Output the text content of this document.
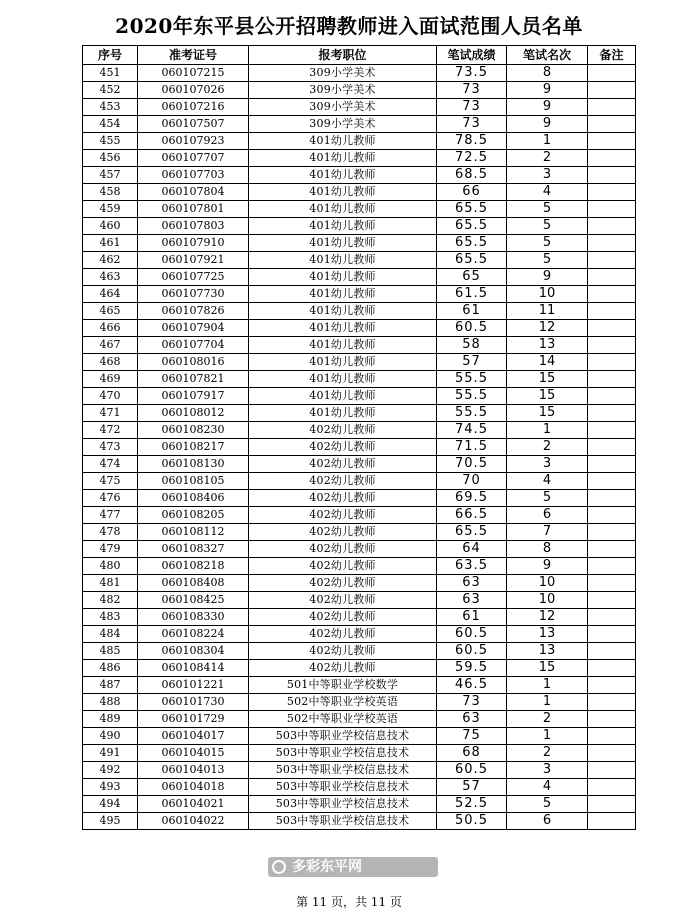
2020年东平县公开招聘教师进入面试范围人员名单
序号	准考证号	报考职位	笔试成绩	笔试名次	备注
451	060107215	309小学美术	73.5	8	
452	060107026	309小学美术	73	9	
453	060107216	309小学美术	73	9	
454	060107507	309小学美术	73	9	
455	060107923	401幼儿教师	78.5	1	
456	060107707	401幼儿教师	72.5	2	
457	060107703	401幼儿教师	68.5	3	
458	060107804	401幼儿教师	66	4	
459	060107801	401幼儿教师	65.5	5	
460	060107803	401幼儿教师	65.5	5	
461	060107910	401幼儿教师	65.5	5	
462	060107921	401幼儿教师	65.5	5	
463	060107725	401幼儿教师	65	9	
464	060107730	401幼儿教师	61.5	10	
465	060107826	401幼儿教师	61	11	
466	060107904	401幼儿教师	60.5	12	
467	060107704	401幼儿教师	58	13	
468	060108016	401幼儿教师	57	14	
469	060107821	401幼儿教师	55.5	15	
470	060107917	401幼儿教师	55.5	15	
471	060108012	401幼儿教师	55.5	15	
472	060108230	402幼儿教师	74.5	1	
473	060108217	402幼儿教师	71.5	2	
474	060108130	402幼儿教师	70.5	3	
475	060108105	402幼儿教师	70	4	
476	060108406	402幼儿教师	69.5	5	
477	060108205	402幼儿教师	66.5	6	
478	060108112	402幼儿教师	65.5	7	
479	060108327	402幼儿教师	64	8	
480	060108218	402幼儿教师	63.5	9	
481	060108408	402幼儿教师	63	10	
482	060108425	402幼儿教师	63	10	
483	060108330	402幼儿教师	61	12	
484	060108224	402幼儿教师	60.5	13	
485	060108304	402幼儿教师	60.5	13	
486	060108414	402幼儿教师	59.5	15	
487	060101221	501中等职业学校数学	46.5	1	
488	060101730	502中等职业学校英语	73	1	
489	060101729	502中等职业学校英语	63	2	
490	060104017	503中等职业学校信息技术	75	1	
491	060104015	503中等职业学校信息技术	68	2	
492	060104013	503中等职业学校信息技术	60.5	3	
493	060104018	503中等职业学校信息技术	57	4	
494	060104021	503中等职业学校信息技术	52.5	5	
495	060104022	503中等职业学校信息技术	50.5	6	
多彩东平网
第 11 页，共 11 页
